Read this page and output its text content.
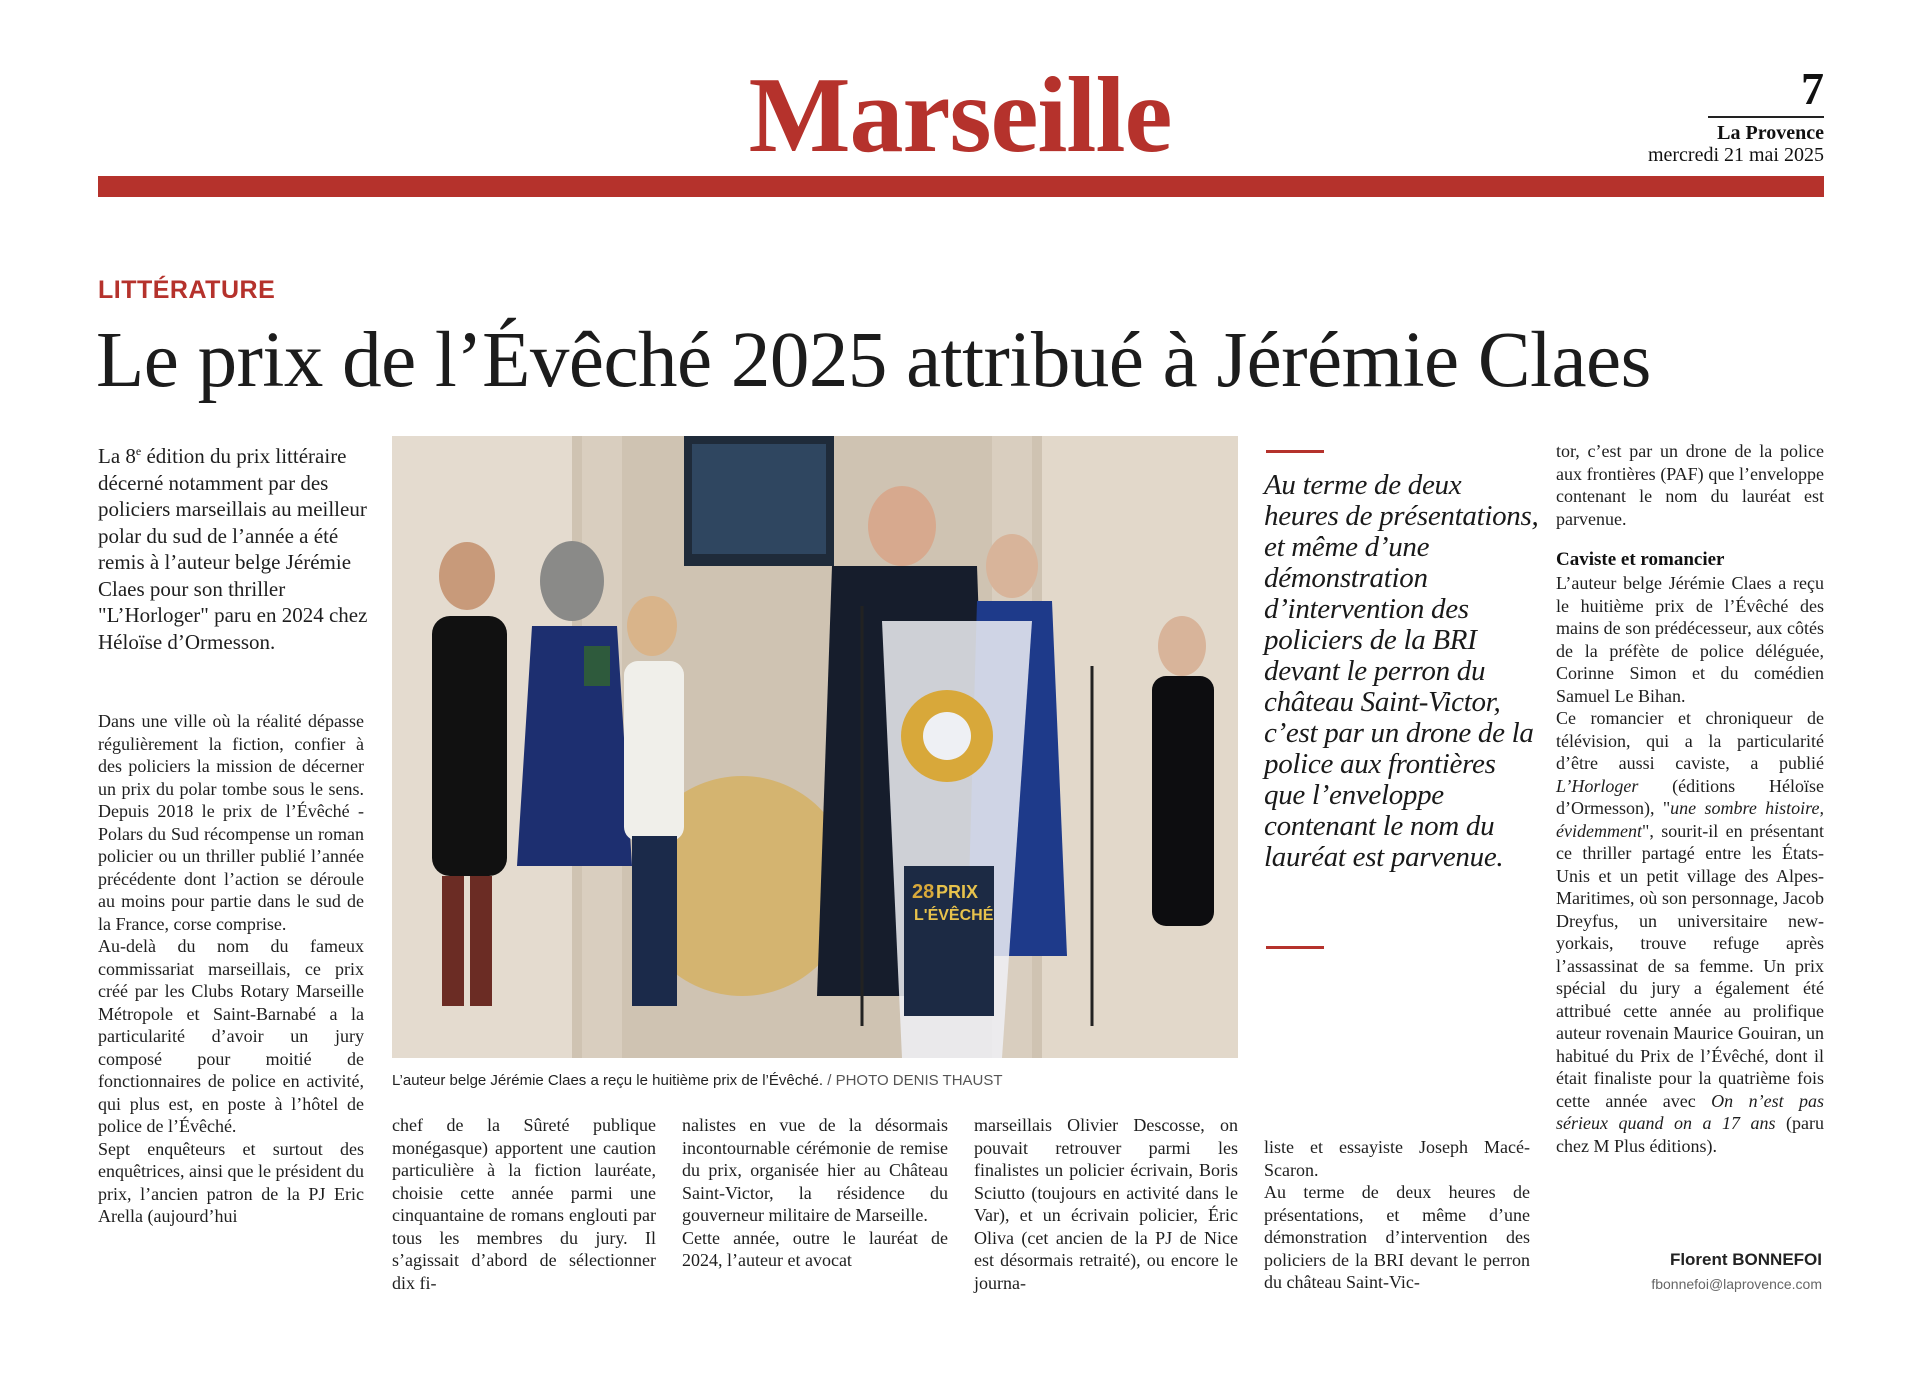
Marseille	7
La Provence
mercredi 21 mai 2025
LITTÉRATURE
Le prix de l’Évêché 2025 attribué à Jérémie Claes
La 8e édition du prix littéraire décerné notamment par des policiers marseillais au meilleur polar du sud de l’année a été remis à l’auteur belge Jérémie Claes pour son thriller "L’Horloger" paru en 2024 chez Héloïse d’Ormesson.

Dans une ville où la réalité dépasse régulièrement la fiction, confier à des policiers la mission de décerner un prix du polar tombe sous le sens. Depuis 2018 le prix de l’Évêché - Polars du Sud récompense un roman policier ou un thriller publié l’année précédente dont l’action se déroule au moins pour partie dans le sud de la France, corse comprise.

Au-delà du nom du fameux commissariat marseillais, ce prix créé par les Clubs Rotary Marseille Métropole et Saint-Barnabé a la particularité d’avoir un jury composé pour moitié de fonctionnaires de police en activité, qui plus est, en poste à l’hôtel de police de l’Évêché.

Sept enquêteurs et surtout des enquêtrices, ainsi que le président du prix, l’ancien patron de la PJ Eric Arella (aujourd’hui

28 PRIX
L'ÉVÊCHÉ
L’auteur belge Jérémie Claes a reçu le huitième prix de l’Évêché. / PHOTO DENIS THAUST
Au terme de deux heures de présentations, et même d’une démonstration d’intervention des policiers de la BRI devant le perron du château Saint-Victor, c’est par un drone de la police aux frontières que l’enveloppe contenant le nom du lauréat est parvenue.

chef de la Sûreté publique monégasque) apportent une caution particulière à la fiction lauréate, choisie cette année parmi une cinquantaine de romans englouti par tous les membres du jury. Il s’agissait d’abord de sélectionner dix fi-

nalistes en vue de la désormais incontournable cérémonie de remise du prix, organisée hier au Château Saint-Victor, la résidence du gouverneur militaire de Marseille.

Cette année, outre le lauréat de 2024, l’auteur et avocat

marseillais Olivier Descosse, on pouvait retrouver parmi les finalistes un policier écrivain, Boris Sciutto (toujours en activité dans le Var), et un écrivain policier, Éric Oliva (cet ancien de la PJ de Nice est désormais retraité), ou encore le journa-

liste et essayiste Joseph Macé-Scaron.

Au terme de deux heures de présentations, et même d’une démonstration d’intervention des policiers de la BRI devant le perron du château Saint-Vic-

tor, c’est par un drone de la police aux frontières (PAF) que l’enveloppe contenant le nom du lauréat est parvenue.

Caviste et romancier

L’auteur belge Jérémie Claes a reçu le huitième prix de l’Évêché des mains de son prédécesseur, aux côtés de la préfète de police déléguée, Corinne Simon et du comédien Samuel Le Bihan.

Ce romancier et chroniqueur de télévision, qui a la particularité d’être aussi caviste, a publié L’Horloger (éditions Héloïse d’Ormesson), "une sombre histoire, évidemment", sourit-il en présentant ce thriller partagé entre les États-Unis et un petit village des Alpes-Maritimes, où son personnage, Jacob Dreyfus, un universitaire new-yorkais, trouve refuge après l’assassinat de sa femme. Un prix spécial du jury a également été attribué cette année au prolifique auteur rovenain Maurice Gouiran, un habitué du Prix de l’Évêché, dont il était finaliste pour la quatrième fois cette année avec On n’est pas sérieux quand on a 17 ans (paru chez M Plus éditions).

Florent BONNEFOI
fbonnefoi@laprovence.com
